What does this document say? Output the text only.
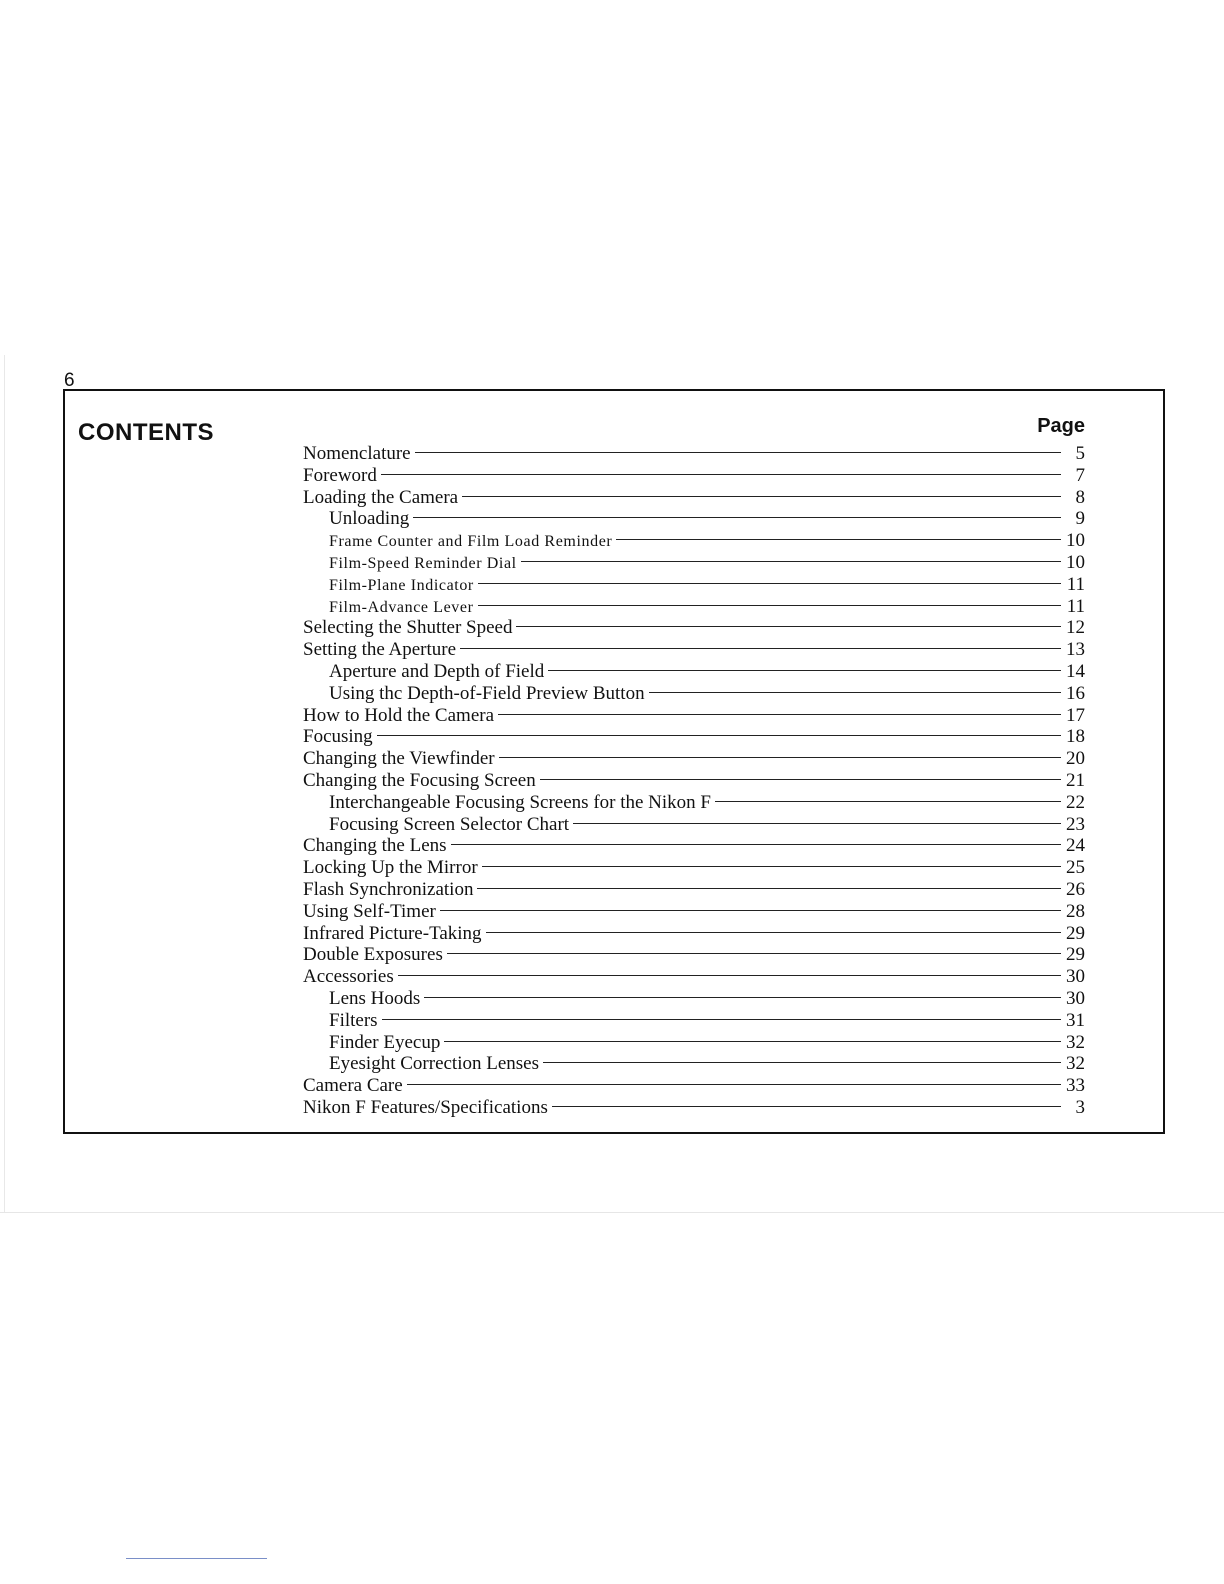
6
CONTENTS	Page
Nomenclature	5
Foreword	7
Loading the Camera	8
Unloading	9
Frame Counter and Film Load Reminder	10
Film-Speed Reminder Dial	10
Film-Plane Indicator	11
Film-Advance Lever	11
Selecting the Shutter Speed	12
Setting the Aperture	13
Aperture and Depth of Field	14
Using thc Depth-of-Field Preview Button	16
How to Hold the Camera	17
Focusing	18
Changing the Viewfinder	20
Changing the Focusing Screen	21
Interchangeable Focusing Screens for the Nikon F	22
Focusing Screen Selector Chart	23
Changing the Lens	24
Locking Up the Mirror	25
Flash Synchronization	26
Using Self-Timer	28
Infrared Picture-Taking	29
Double Exposures	29
Accessories	30
Lens Hoods	30
Filters	31
Finder Eyecup	32
Eyesight Correction Lenses	32
Camera Care	33
Nikon F Features/Specifications	3
